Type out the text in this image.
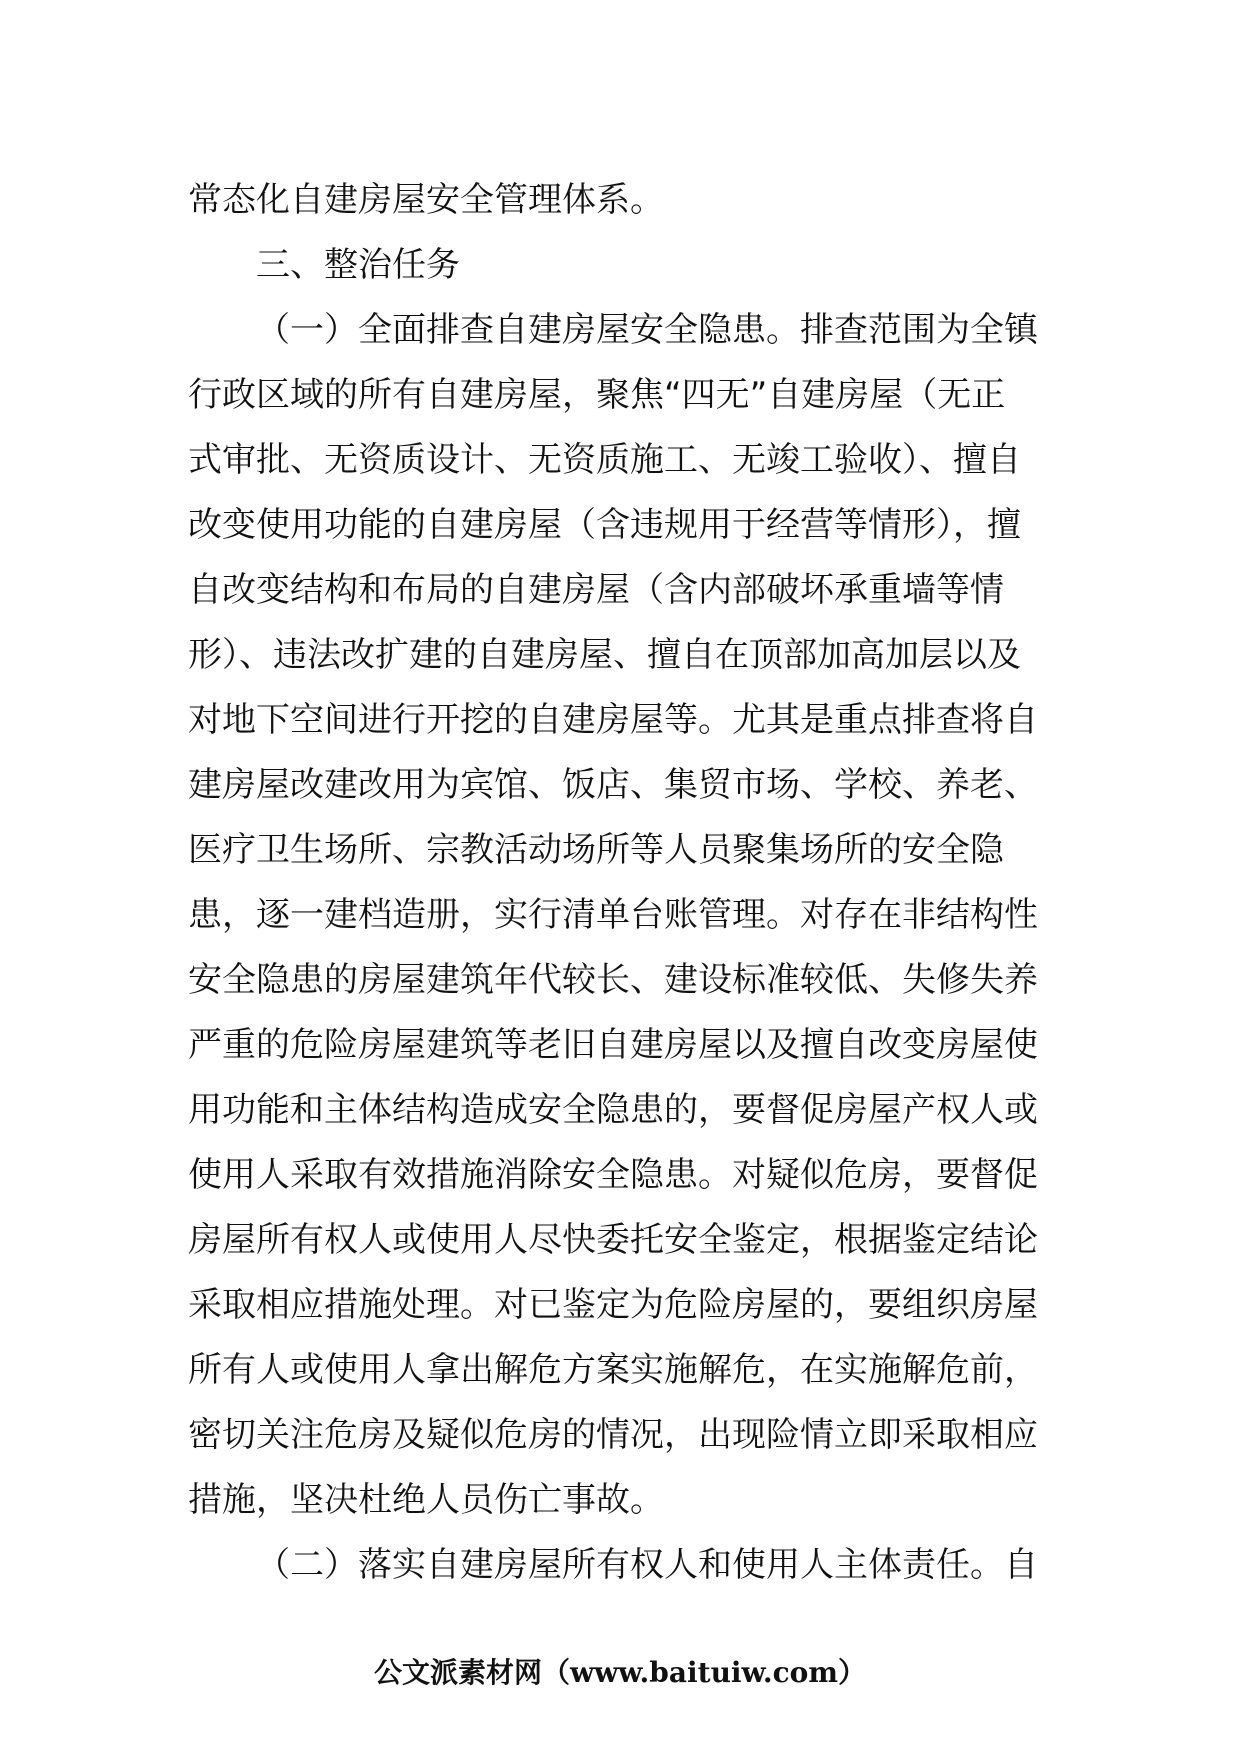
常态化自建房屋安全管理体系。
三、整治任务
（一）全面排查自建房屋安全隐患。排查范围为全镇
行政区域的所有自建房屋，聚焦“四无”自建房屋（无正
式审批、无资质设计、无资质施工、无竣工验收）、擅自
改变使用功能的自建房屋（含违规用于经营等情形），擅
自改变结构和布局的自建房屋（含内部破坏承重墙等情
形）、违法改扩建的自建房屋、擅自在顶部加高加层以及
对地下空间进行开挖的自建房屋等。尤其是重点排查将自
建房屋改建改用为宾馆、饭店、集贸市场、学校、养老、
医疗卫生场所、宗教活动场所等人员聚集场所的安全隐
患，逐一建档造册，实行清单台账管理。对存在非结构性
安全隐患的房屋建筑年代较长、建设标准较低、失修失养
严重的危险房屋建筑等老旧自建房屋以及擅自改变房屋使
用功能和主体结构造成安全隐患的，要督促房屋产权人或
使用人采取有效措施消除安全隐患。对疑似危房，要督促
房屋所有权人或使用人尽快委托安全鉴定，根据鉴定结论
采取相应措施处理。对已鉴定为危险房屋的，要组织房屋
所有人或使用人拿出解危方案实施解危，在实施解危前，
密切关注危房及疑似危房的情况，出现险情立即采取相应
措施，坚决杜绝人员伤亡事故。
（二）落实自建房屋所有权人和使用人主体责任。自
公文派素材网（www.baituiw.com）
